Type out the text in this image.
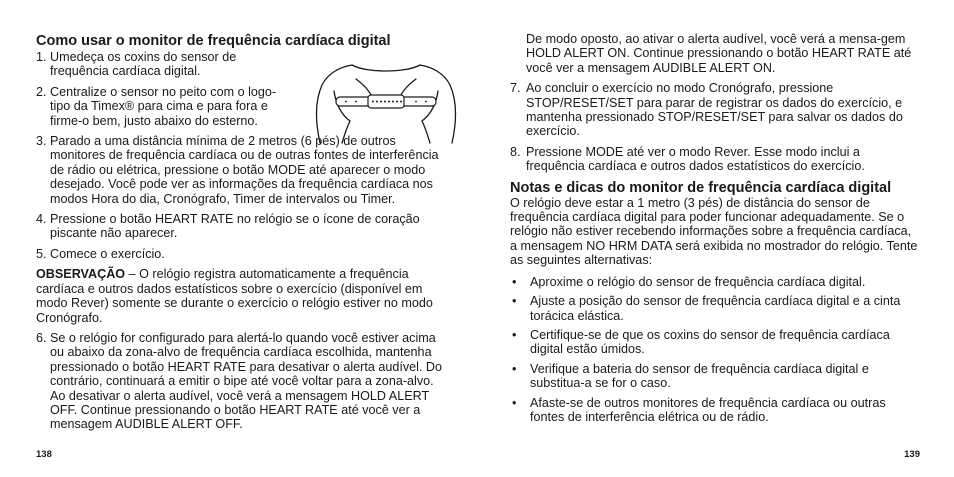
Como usar o monitor de frequência cardíaca digital
1. Umedeça os coxins do sensor de frequência cardíaca digital.
2. Centralize o sensor no peito com o logo-tipo da Timex® para cima e para fora e firme-o bem, justo abaixo do esterno.
3. Parado a uma distância mínima de 2 metros (6 pés) de outros monitores de frequência cardíaca ou de outras fontes de interferência de rádio ou elétrica, pressione o botão MODE até aparecer o modo desejado. Você pode ver as informações da frequência cardíaca nos modos Hora do dia, Cronógrafo, Timer de intervalos ou Timer.
4. Pressione o botão HEART RATE no relógio se o ícone de coração piscante não aparecer.
5. Comece o exercício.

OBSERVAÇÃO – O relógio registra automaticamente a frequência cardíaca e outros dados estatísticos sobre o exercício (disponível em modo Rever) somente se durante o exercício o relógio estiver no modo Cronógrafo.

6. Se o relógio for configurado para alertá-lo quando você estiver acima ou abaixo da zona-alvo de frequência cardíaca escolhida, mantenha pressionado o botão HEART RATE para desativar o alerta audível. Do contrário, continuará a emitir o bipe até você voltar para a zona-alvo. Ao desativar o alerta audível, você verá a mensagem HOLD ALERT OFF. Continue pressionando o botão HEART RATE até você ver a mensagem AUDIBLE ALERT OFF.
138
De modo oposto, ao ativar o alerta audível, você verá a mensa-gem HOLD ALERT ON. Continue pressionando o botão HEART RATE até você ver a mensagem AUDIBLE ALERT ON.
7. Ao concluir o exercício no modo Cronógrafo, pressione STOP/RESET/SET para parar de registrar os dados do exercício, e mantenha pressionado STOP/RESET/SET para salvar os dados do exercício.
8. Pressione MODE até ver o modo Rever. Esse modo inclui a frequência cardíaca e outros dados estatísticos do exercício.
Notas e dicas do monitor de frequência cardíaca digital

O relógio deve estar a 1 metro (3 pés) de distância do sensor de frequência cardíaca digital para poder funcionar adequadamente. Se o relógio não estiver recebendo informações sobre a frequência cardíaca, a mensagem NO HRM DATA será exibida no mostrador do relógio. Tente as seguintes alternativas:

• Aproxime o relógio do sensor de frequência cardíaca digital.
• Ajuste a posição do sensor de frequência cardíaca digital e a cinta torácica elástica.
• Certifique-se de que os coxins do sensor de frequência cardíaca digital estão úmidos.
• Verifique a bateria do sensor de frequência cardíaca digital e substitua-a se for o caso.
• Afaste-se de outros monitores de frequência cardíaca ou outras fontes de interferência elétrica ou de rádio.
139
